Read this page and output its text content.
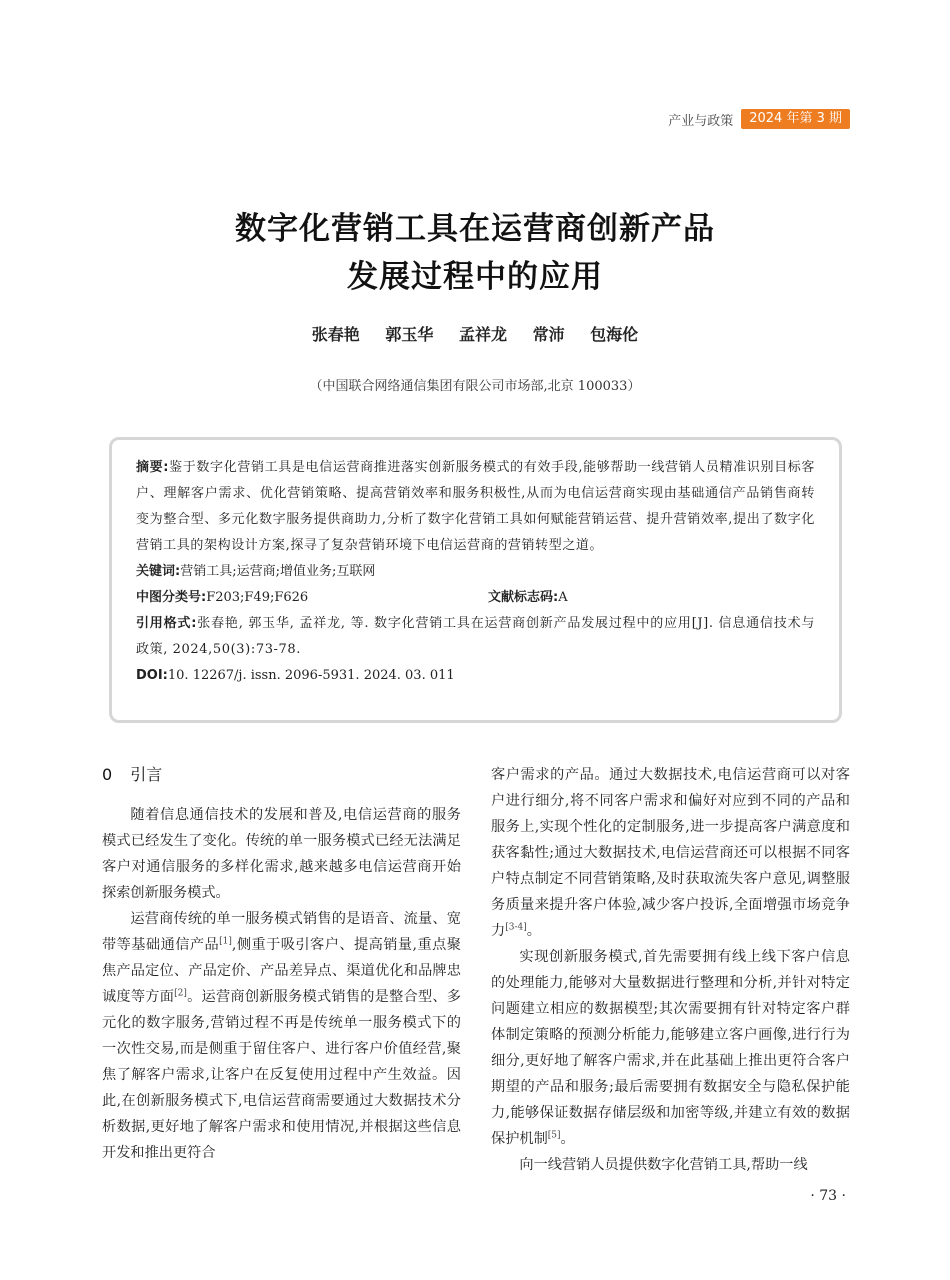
产业与政策	2024 年第 3 期
数字化营销工具在运营商创新产品
发展过程中的应用
张春艳 郭玉华 孟祥龙 常沛 包海伦
（中国联合网络通信集团有限公司市场部,北京 100033）
摘要:鉴于数字化营销工具是电信运营商推进落实创新服务模式的有效手段,能够帮助一线营销人员精准识别目标客户、理解客户需求、优化营销策略、提高营销效率和服务积极性,从而为电信运营商实现由基础通信产品销售商转变为整合型、多元化数字服务提供商助力,分析了数字化营销工具如何赋能营销运营、提升营销效率,提出了数字化营销工具的架构设计方案,探寻了复杂营销环境下电信运营商的营销转型之道。
关键词:营销工具;运营商;增值业务;互联网
中图分类号:F203;F49;F626	文献标志码:A
引用格式:张春艳, 郭玉华, 孟祥龙, 等. 数字化营销工具在运营商创新产品发展过程中的应用[J]. 信息通信技术与政策, 2024,50(3):73-78.
DOI:10. 12267/j. issn. 2096-5931. 2024. 03. 011
0 引言

随着信息通信技术的发展和普及,电信运营商的服务模式已经发生了变化。传统的单一服务模式已经无法满足客户对通信服务的多样化需求,越来越多电信运营商开始探索创新服务模式。

运营商传统的单一服务模式销售的是语音、流量、宽带等基础通信产品[1],侧重于吸引客户、提高销量,重点聚焦产品定位、产品定价、产品差异点、渠道优化和品牌忠诚度等方面[2]。运营商创新服务模式销售的是整合型、多元化的数字服务,营销过程不再是传统单一服务模式下的一次性交易,而是侧重于留住客户、进行客户价值经营,聚焦了解客户需求,让客户在反复使用过程中产生效益。因此,在创新服务模式下,电信运营商需要通过大数据技术分析数据,更好地了解客户需求和使用情况,并根据这些信息开发和推出更符合

客户需求的产品。通过大数据技术,电信运营商可以对客户进行细分,将不同客户需求和偏好对应到不同的产品和服务上,实现个性化的定制服务,进一步提高客户满意度和获客黏性;通过大数据技术,电信运营商还可以根据不同客户特点制定不同营销策略,及时获取流失客户意见,调整服务质量来提升客户体验,减少客户投诉,全面增强市场竞争力[3-4]。

实现创新服务模式,首先需要拥有线上线下客户信息的处理能力,能够对大量数据进行整理和分析,并针对特定问题建立相应的数据模型;其次需要拥有针对特定客户群体制定策略的预测分析能力,能够建立客户画像,进行行为细分,更好地了解客户需求,并在此基础上推出更符合客户期望的产品和服务;最后需要拥有数据安全与隐私保护能力,能够保证数据存储层级和加密等级,并建立有效的数据保护机制[5]。

向一线营销人员提供数字化营销工具,帮助一线

· 73 ·
